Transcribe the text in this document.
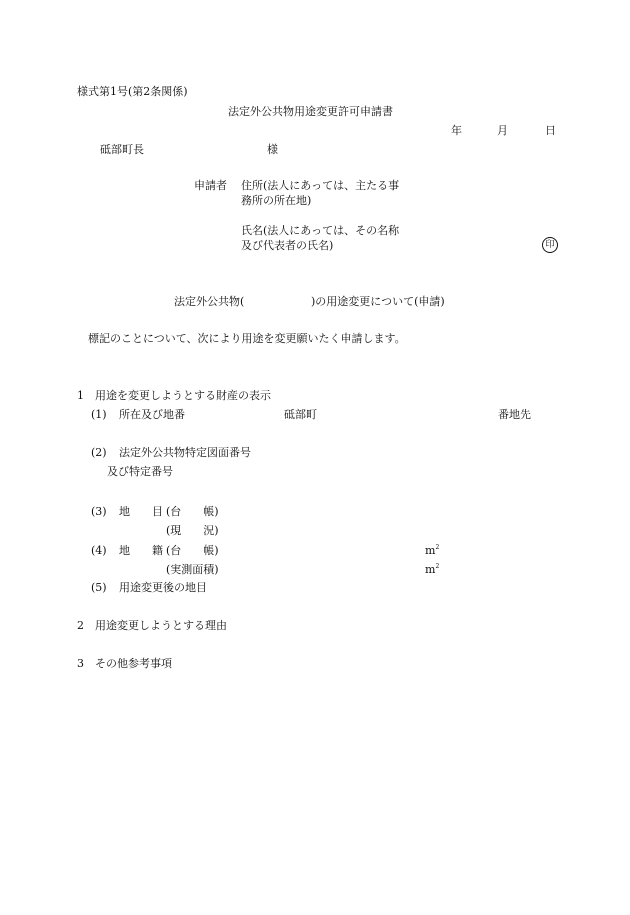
様式第1号(第2条関係)
法定外公共物用途変更許可申請書
年	月	日
砥部町長	様
申請者 住所(法人にあっては、主たる事
務所の所在地)
氏名(法人にあっては、その名称
及び代表者の氏名)	印
法定外公共物(	)の用途変更について(申請)
標記のことについて、次により用途を変更願いたく申請します。
1　用途を変更しようとする財産の表示
(1) 所在及び地番	砥部町	番地先
(2) 法定外公共物特定図面番号
及び特定番号
(3) 地　　目 (台　　帳)
(現　　況)
(4) 地　　籍 (台　　帳)	$m^2$
(実測面積)	$m^2$
(5) 用途変更後の地目
2　用途変更しようとする理由
3　その他参考事項
